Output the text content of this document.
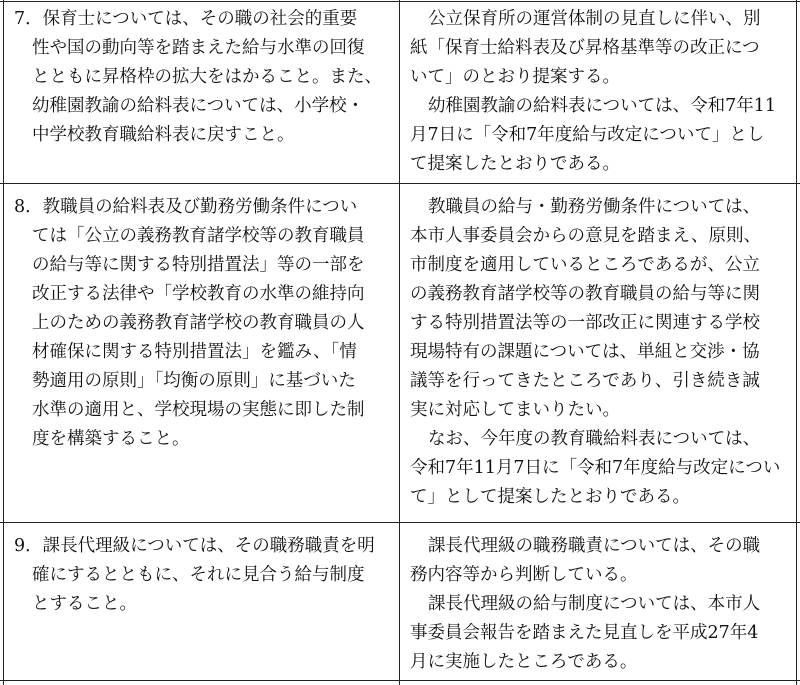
7．保育士については、その職の社会的重要
性や国の動向等を踏まえた給与水準の回復
とともに昇格枠の拡大をはかること。また、
幼稚園教諭の給料表については、小学校・
中学校教育職給料表に戻すこと。
公立保育所の運営体制の見直しに伴い、別
紙「保育士給料表及び昇格基準等の改正につ
いて」のとおり提案する。
幼稚園教諭の給料表については、令和7年11
月7日に「令和7年度給与改定について」とし
て提案したとおりである。
8．教職員の給料表及び勤務労働条件につい
ては「公立の義務教育諸学校等の教育職員
の給与等に関する特別措置法」等の一部を
改正する法律や「学校教育の水準の維持向
上のための義務教育諸学校の教育職員の人
材確保に関する特別措置法」を鑑み、「情
勢適用の原則」「均衡の原則」に基づいた
水準の適用と、学校現場の実態に即した制
度を構築すること。
教職員の給与・勤務労働条件については、
本市人事委員会からの意見を踏まえ、原則、
市制度を適用しているところであるが、公立
の義務教育諸学校等の教育職員の給与等に関
する特別措置法等の一部改正に関連する学校
現場特有の課題については、単組と交渉・協
議等を行ってきたところであり、引き続き誠
実に対応してまいりたい。
なお、今年度の教育職給料表については、
令和7年11月7日に「令和7年度給与改定につい
て」として提案したとおりである。
9．課長代理級については、その職務職責を明
確にするとともに、それに見合う給与制度
とすること。
課長代理級の職務職責については、その職
務内容等から判断している。
課長代理級の給与制度については、本市人
事委員会報告を踏まえた見直しを平成27年4
月に実施したところである。
